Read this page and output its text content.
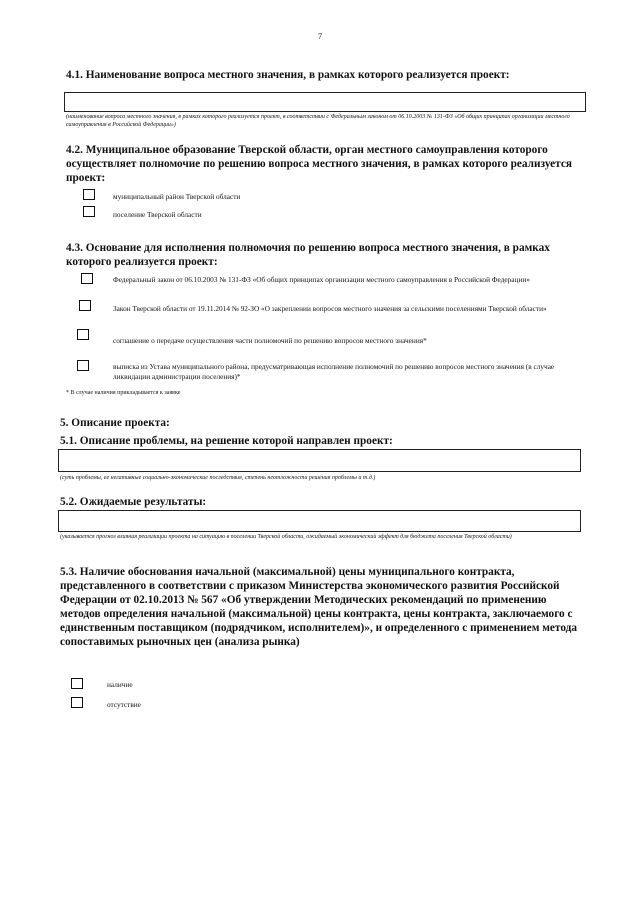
7
4.1. Наименование вопроса местного значения, в рамках которого реализуется проект:
(наименование вопроса местного значения, в рамках которого реализуется проект, в соответствии с Федеральным законом от 06.10.2003 № 131-ФЗ «Об общих принципах организации местного самоуправления в Российской Федерации»)
4.2. Муниципальное образование Тверской области, орган местного самоуправления которого осуществляет полномочие по решению вопроса местного значения, в рамках которого реализуется проект:
муниципальный район Тверской области
поселение Тверской области
4.3. Основание для исполнения полномочия по решению вопроса местного значения, в рамках которого реализуется проект:
Федеральный закон от 06.10.2003 № 131-ФЗ «Об общих принципах организации местного самоуправления в Российской Федерации»
Закон Тверской области от 19.11.2014 № 92-ЗО «О закреплении вопросов местного значения за сельскими поселениями Тверской области»
соглашение о передаче осуществления части полномочий по решению вопросов местного значения*
выписка из Устава муниципального района, предусматривающая исполнение полномочий по решению вопросов местного значения (в случае ликвидации администрации поселения)*
* В случае наличия прикладывается к заявке
5. Описание проекта:
5.1. Описание проблемы, на решение которой направлен проект:
(суть проблемы, ее негативные социально-экономические последствия, степень неотложности решения проблемы и т.д.)
5.2. Ожидаемые результаты:
(указывается прогноз влияния реализации проекта на ситуацию в поселении Тверской области, ожидаемый экономический эффект для бюджета поселения Тверской области)
5.3. Наличие обоснования начальной (максимальной) цены муниципального контракта, представленного в соответствии с приказом Министерства экономического развития Российской Федерации от 02.10.2013 № 567 «Об утверждении Методических рекомендаций по применению методов определения начальной (максимальной) цены контракта, цены контракта, заключаемого с единственным поставщиком (подрядчиком, исполнителем)», и определенного с применением метода сопоставимых рыночных цен (анализа рынка)
наличие
отсутствие
